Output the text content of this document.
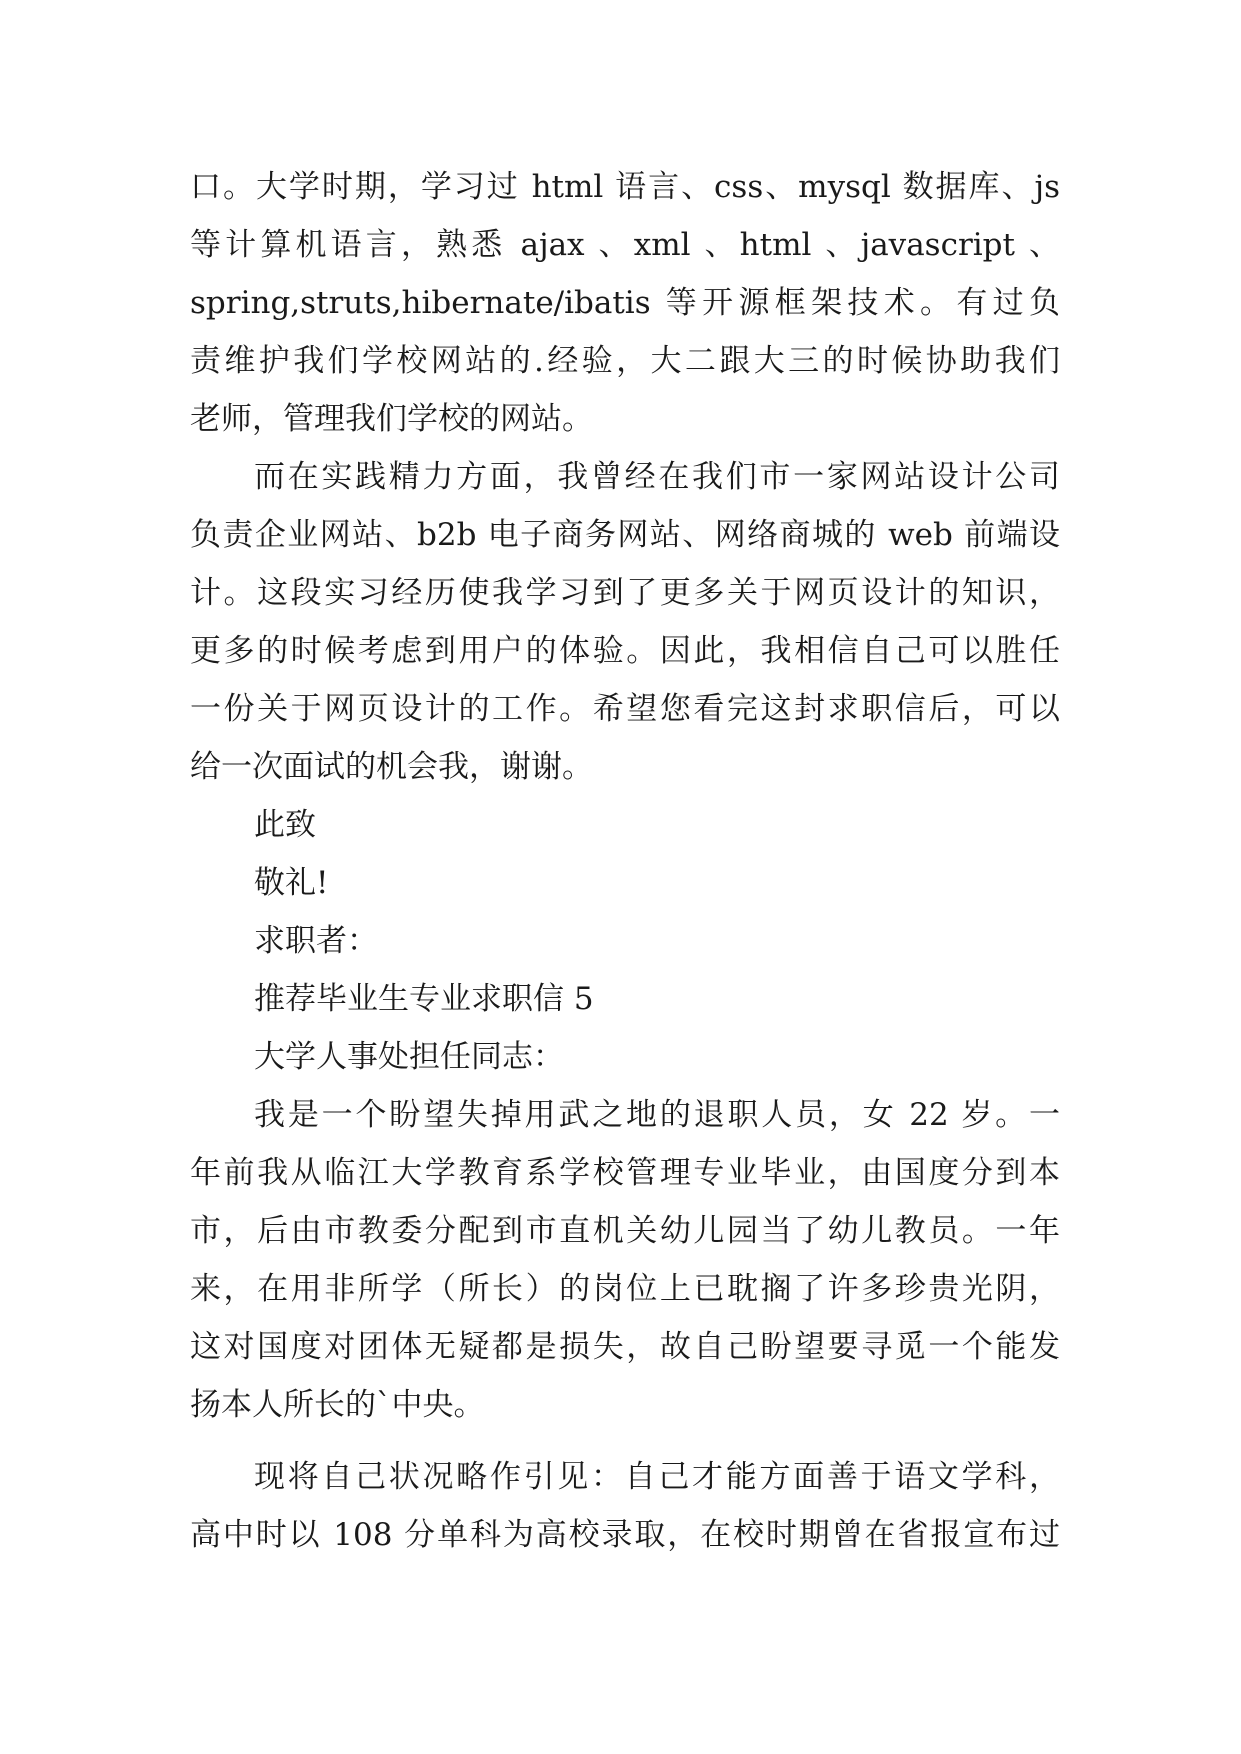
口。大学时期，学习过 html 语言、css、mysql 数据库、js
等计算机语言，熟悉 ajax 、xml 、html 、javascript 、
spring,struts,hibernate/ibatis 等开源框架技术。有过负
责维护我们学校网站的.经验，大二跟大三的时候协助我们
老师，管理我们学校的网站。
而在实践精力方面，我曾经在我们市一家网站设计公司
负责企业网站、b2b 电子商务网站、网络商城的 web 前端设
计。这段实习经历使我学习到了更多关于网页设计的知识，
更多的时候考虑到用户的体验。因此，我相信自己可以胜任
一份关于网页设计的工作。希望您看完这封求职信后，可以
给一次面试的机会我，谢谢。
此致
敬礼!
求职者：
推荐毕业生专业求职信 5
大学人事处担任同志：
我是一个盼望失掉用武之地的退职人员，女 22 岁。一
年前我从临江大学教育系学校管理专业毕业，由国度分到本
市，后由市教委分配到市直机关幼儿园当了幼儿教员。一年
来，在用非所学（所长）的岗位上已耽搁了许多珍贵光阴，
这对国度对团体无疑都是损失，故自己盼望要寻觅一个能发
扬本人所长的`中央。
现将自己状况略作引见：自己才能方面善于语文学科，
高中时以 108 分单科为高校录取，在校时期曾在省报宣布过
